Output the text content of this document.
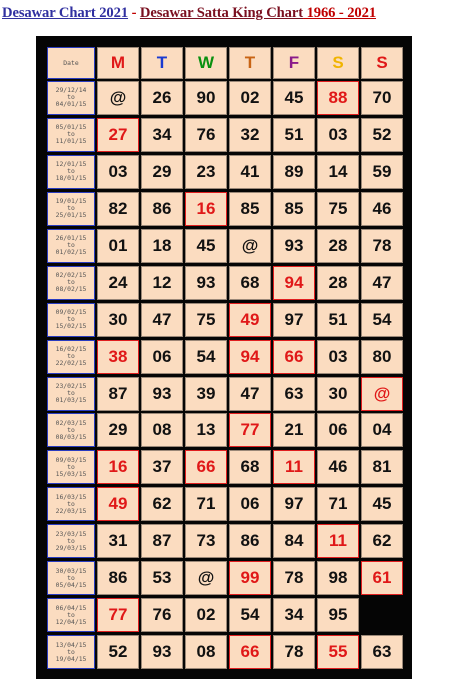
Desawar Chart 2021 - Desawar Satta King Chart 1966 - 2021
Date M T W T F S S
29/12/14
to
04/01/15 @ 26 90 02 45 88 70
05/01/15
to
11/01/15 27 34 76 32 51 03 52
12/01/15
to
18/01/15 03 29 23 41 89 14 59
19/01/15
to
25/01/15 82 86 16 85 85 75 46
26/01/15
to
01/02/15 01 18 45 @ 93 28 78
02/02/15
to
08/02/15 24 12 93 68 94 28 47
09/02/15
to
15/02/15 30 47 75 49 97 51 54
16/02/15
to
22/02/15 38 06 54 94 66 03 80
23/02/15
to
01/03/15 87 93 39 47 63 30 @
02/03/15
to
08/03/15 29 08 13 77 21 06 04
09/03/15
to
15/03/15 16 37 66 68 11 46 81
16/03/15
to
22/03/15 49 62 71 06 97 71 45
23/03/15
to
29/03/15 31 87 73 86 84 11 62
30/03/15
to
05/04/15 86 53 @ 99 78 98 61
06/04/15
to
12/04/15 77 76 02 54 34 95
13/04/15
to
19/04/15 52 93 08 66 78 55 63
